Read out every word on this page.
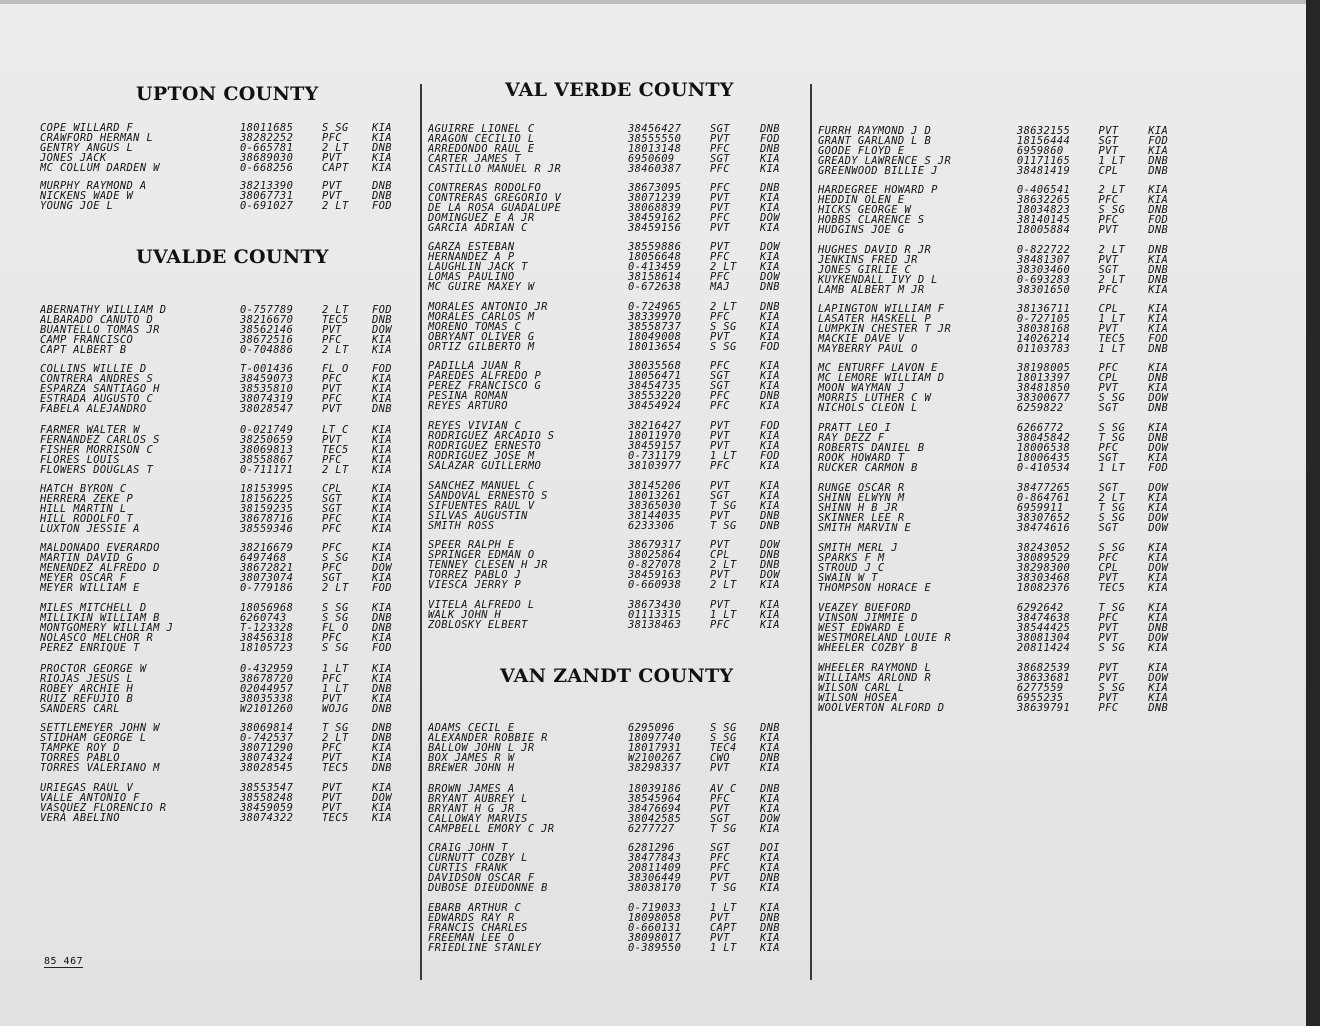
UPTON COUNTY
UVALDE COUNTY
COPE WILLARD F	18011685	S SG	KIA
CRAWFORD HERMAN L	38282252	PFC	KIA
GENTRY ANGUS L	0-665781	2 LT	DNB
JONES JACK	38689030	PVT	KIA
MC COLLUM DARDEN W	0-668256	CAPT	KIA
MURPHY RAYMOND A	38213390	PVT	DNB
NICKENS WADE W	38067731	PVT	DNB
YOUNG JOE L	0-691027	2 LT	FOD
ABERNATHY WILLIAM D	0-757789	2 LT	FOD
ALBARADO CANUTO D	38216670	TEC5	DNB
BUANTELLO TOMAS JR	38562146	PVT	DOW
CAMP FRANCISCO	38672516	PFC	KIA
CAPT ALBERT B	0-704886	2 LT	KIA
COLLINS WILLIE D	T-001436	FL O	FOD
CONTRERA ANDRES S	38459073	PFC	KIA
ESPARZA SANTIAGO H	38535810	PVT	KIA
ESTRADA AUGUSTO C	38074319	PFC	KIA
FABELA ALEJANDRO	38028547	PVT	DNB
FARMER WALTER W	0-021749	LT C	KIA
FERNANDEZ CARLOS S	38250659	PVT	KIA
FISHER MORRISON C	38069813	TEC5	KIA
FLORES LOUIS	38558867	PFC	KIA
FLOWERS DOUGLAS T	0-711171	2 LT	KIA
HATCH BYRON C	18153995	CPL	KIA
HERRERA ZEKE P	18156225	SGT	KIA
HILL MARTIN L	38159235	SGT	KIA
HILL RODOLFO T	38678716	PFC	KIA
LUXTON JESSIE A	38559346	PFC	KIA
MALDONADO EVERARDO	38216679	PFC	KIA
MARTIN DAVID G	6497468	S SG	KIA
MENENDEZ ALFREDO D	38672821	PFC	DOW
MEYER OSCAR F	38073074	SGT	KIA
MEYER WILLIAM E	0-779186	2 LT	FOD
MILES MITCHELL D	18056968	S SG	KIA
MILLIKIN WILLIAM B	6260743	S SG	DNB
MONTGOMERY WILLIAM J	T-123328	FL O	DNB
NOLASCO MELCHOR R	38456318	PFC	KIA
PEREZ ENRIQUE T	18105723	S SG	FOD
PROCTOR GEORGE W	0-432959	1 LT	KIA
RIOJAS JESUS L	38678720	PFC	KIA
ROBEY ARCHIE H	02044957	1 LT	DNB
RUIZ REFUJIO B	38035338	PVT	KIA
SANDERS CARL	W2101260	WOJG	DNB
SETTLEMEYER JOHN W	38069814	T SG	DNB
STIDHAM GEORGE L	0-742537	2 LT	DNB
TAMPKE ROY D	38071290	PFC	KIA
TORRES PABLO	38074324	PVT	KIA
TORRES VALERIANO M	38028545	TEC5	DNB
URIEGAS RAUL V	38553547	PVT	KIA
VALLE ANTONIO F	38558248	PVT	DOW
VASQUEZ FLORENCIO R	38459059	PVT	KIA
VERA ABELINO	38074322	TEC5	KIA
VAL VERDE COUNTY
VAN ZANDT COUNTY
AGUIRRE LIONEL C	38456427	SGT	DNB
ARAGON CECILIO L	38555550	PVT	FOD
ARREDONDO RAUL E	18013148	PFC	DNB
CARTER JAMES T	6950609	SGT	KIA
CASTILLO MANUEL R JR	38460387	PFC	KIA
CONTRERAS RODOLFO	38673095	PFC	DNB
CONTRERAS GREGORIO V	38071239	PVT	KIA
DE LA ROSA GUADALUPE	38068839	PVT	KIA
DOMINGUEZ E A JR	38459162	PFC	DOW
GARCIA ADRIAN C	38459156	PVT	KIA
GARZA ESTEBAN	38559886	PVT	DOW
HERNANDEZ A P	18056648	PFC	KIA
LAUGHLIN JACK T	0-413459	2 LT	KIA
LOMAS PAULINO	38158614	PFC	DOW
MC GUIRE MAXEY W	0-672638	MAJ	DNB
MORALES ANTONIO JR	0-724965	2 LT	DNB
MORALES CARLOS M	38339970	PFC	KIA
MORENO TOMAS C	38558737	S SG	KIA
OBRYANT OLIVER G	18049008	PVT	KIA
ORTIZ GILBERTO M	18013654	S SG	FOD
PADILLA JUAN R	38035568	PFC	KIA
PAREDES ALFREDO P	18056471	SGT	KIA
PEREZ FRANCISCO G	38454735	SGT	KIA
PESINA ROMAN	38553220	PFC	DNB
REYES ARTURO	38454924	PFC	KIA
REYES VIVIAN C	38216427	PVT	FOD
RODRIGUEZ ARCADIO S	18011970	PVT	KIA
RODRIGUEZ ERNESTO	38459157	PVT	KIA
RODRIGUEZ JOSE M	0-731179	1 LT	FOD
SALAZAR GUILLERMO	38103977	PFC	KIA
SANCHEZ MANUEL C	38145206	PVT	KIA
SANDOVAL ERNESTO S	18013261	SGT	KIA
SIFUENTES RAUL V	38365030	T SG	KIA
SILVAS AUGUSTIN	38144035	PVT	DNB
SMITH ROSS	6233306	T SG	DNB
SPEER RALPH E	38679317	PVT	DOW
SPRINGER EDMAN O	38025864	CPL	DNB
TENNEY CLESEN H JR	0-827078	2 LT	DNB
TORREZ PABLO J	38459163	PVT	DOW
VIESCA JERRY P	0-660938	2 LT	KIA
VITELA ALFREDO L	38673430	PVT	KIA
WALK JOHN H	01113315	1 LT	KIA
ZOBLOSKY ELBERT	38138463	PFC	KIA
ADAMS CECIL E	6295096	S SG	DNB
ALEXANDER ROBBIE R	18097740	S SG	KIA
BALLOW JOHN L JR	18017931	TEC4	KIA
BOX JAMES R W	W2100267	CWO	DNB
BREWER JOHN H	38298337	PVT	KIA
BROWN JAMES A	18039186	AV C	DNB
BRYANT AUBREY L	38545964	PFC	KIA
BRYANT H G JR	38476694	PVT	KIA
CALLOWAY MARVIS	38042585	SGT	DOW
CAMPBELL EMORY C JR	6277727	T SG	KIA
CRAIG JOHN T	6281296	SGT	DOI
CURNUTT COZBY L	38477843	PFC	KIA
CURTIS FRANK	20811409	PFC	KIA
DAVIDSON OSCAR F	38306449	PVT	DNB
DUBOSE DIEUDONNE B	38038170	T SG	KIA
EBARB ARTHUR C	0-719033	1 LT	KIA
EDWARDS RAY R	18098058	PVT	DNB
FRANCIS CHARLES	0-660131	CAPT	DNB
FREEMAN LEE O	38098017	PVT	KIA
FRIEDLINE STANLEY	0-389550	1 LT	KIA
FURRH RAYMOND J D	38632155	PVT	KIA
GRANT GARLAND L B	18156444	SGT	FOD
GOODE FLOYD E	6959860	PVT	KIA
GREADY LAWRENCE S JR	01171165	1 LT	DNB
GREENWOOD BILLIE J	38481419	CPL	DNB
HARDEGREE HOWARD P	0-406541	2 LT	KIA
HEDDIN OLEN E	38632265	PFC	KIA
HICKS GEORGE W	18034823	S SG	DNB
HOBBS CLARENCE S	38140145	PFC	FOD
HUDGINS JOE G	18005884	PVT	DNB
HUGHES DAVID R JR	0-822722	2 LT	DNB
JENKINS FRED JR	38481307	PVT	KIA
JONES GIRLIE C	38303460	SGT	DNB
KUYKENDALL IVY D L	0-693283	2 LT	DNB
LAMB ALBERT M JR	38301650	PFC	KIA
LAPINGTON WILLIAM F	38136711	CPL	KIA
LASATER HASKELL P	0-727105	1 LT	KIA
LUMPKIN CHESTER T JR	38038168	PVT	KIA
MACKIE DAVE V	14026214	TEC5	FOD
MAYBERRY PAUL O	01103783	1 LT	DNB
MC ENTURFF LAVON E	38198005	PFC	KIA
MC LEMORE WILLIAM D	18013397	CPL	DNB
MOON WAYMAN J	38481850	PVT	KIA
MORRIS LUTHER C W	38300677	S SG	DOW
NICHOLS CLEON L	6259822	SGT	DNB
PRATT LEO I	6266772	S SG	KIA
RAY DEZZ F	38045842	T SG	DNB
ROBERTS DANIEL B	18006538	PFC	DOW
ROOK HOWARD T	18006435	SGT	KIA
RUCKER CARMON B	0-410534	1 LT	FOD
RUNGE OSCAR R	38477265	SGT	DOW
SHINN ELWYN M	0-864761	2 LT	KIA
SHINN H B JR	6959911	T SG	KIA
SKINNER LEE R	38307652	S SG	DOW
SMITH MARVIN E	38474616	SGT	DOW
SMITH MERL J	38243052	S SG	KIA
SPARKS F M	38089529	PFC	KIA
STROUD J C	38298300	CPL	DOW
SWAIN W T	38303468	PVT	KIA
THOMPSON HORACE E	18082376	TEC5	KIA
VEAZEY BUEFORD	6292642	T SG	KIA
VINSON JIMMIE D	38474638	PFC	KIA
WEST EDWARD E	38544425	PVT	DNB
WESTMORELAND LOUIE R	38081304	PVT	DOW
WHEELER COZBY B	20811424	S SG	KIA
WHEELER RAYMOND L	38682539	PVT	KIA
WILLIAMS ARLOND R	38633681	PVT	DOW
WILSON CARL L	6277559	S SG	KIA
WILSON HOSEA	6955235	PVT	KIA
WOOLVERTON ALFORD D	38639791	PFC	DNB
85 467
